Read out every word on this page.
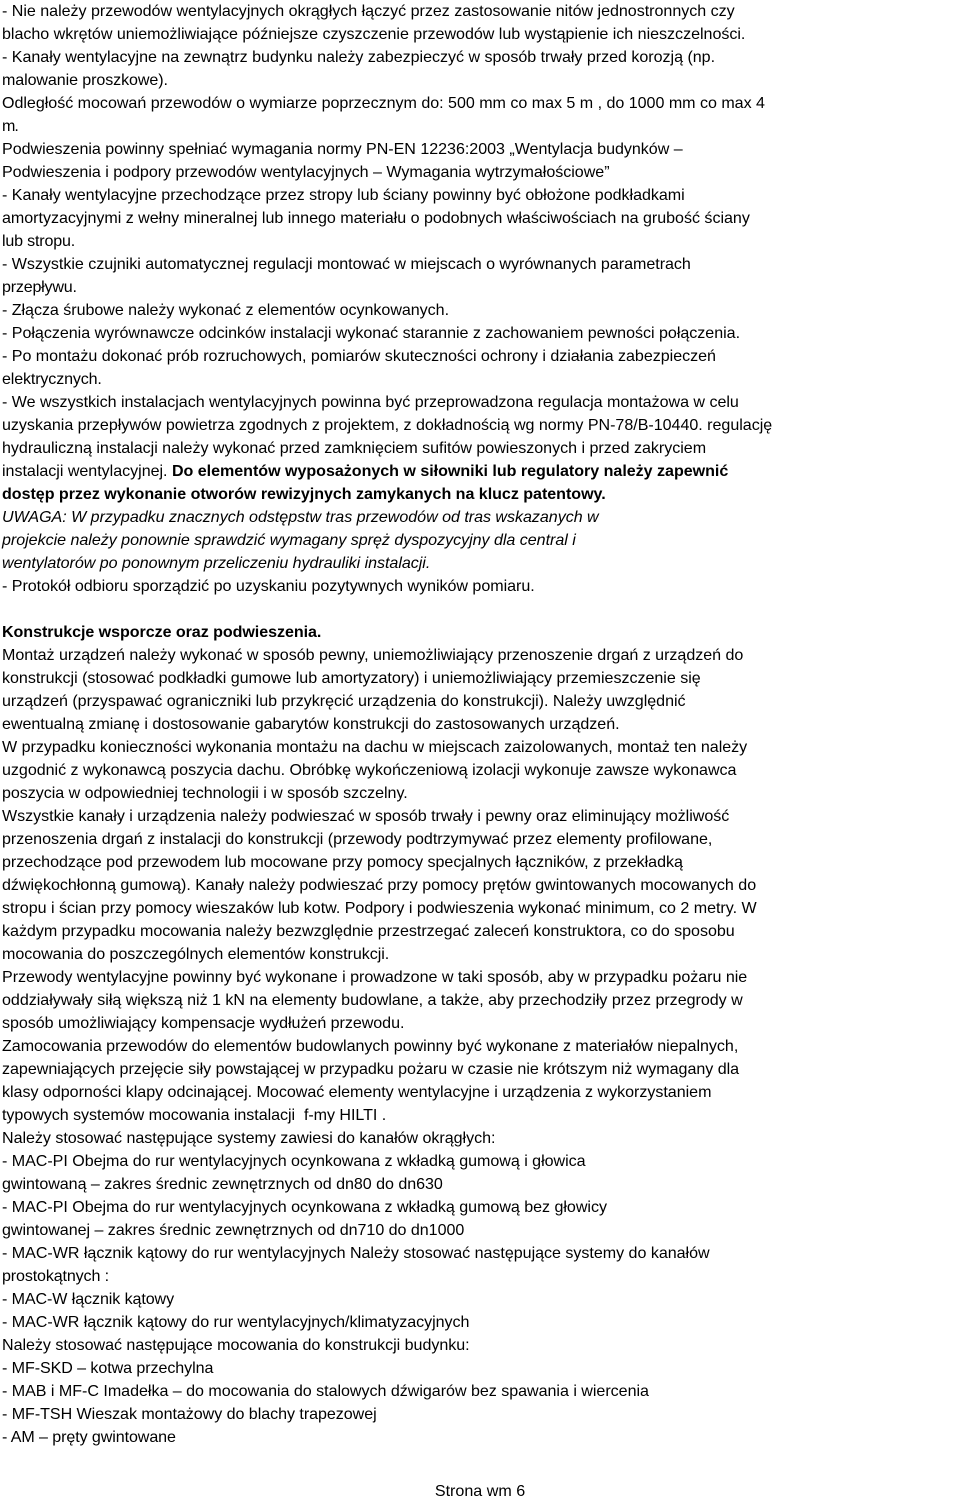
- Nie należy przewodów wentylacyjnych okrągłych łączyć przez zastosowanie nitów jednostronnych czy
blacho wkrętów uniemożliwiające późniejsze czyszczenie przewodów lub wystąpienie ich nieszczelności.
- Kanały wentylacyjne na zewnątrz budynku należy zabezpieczyć w sposób trwały przed korozją (np.
malowanie proszkowe).
Odległość mocowań przewodów o wymiarze poprzecznym do: 500 mm co max 5 m , do 1000 mm co max 4
m.
Podwieszenia powinny spełniać wymagania normy PN-EN 12236:2003 „Wentylacja budynków –
Podwieszenia i podpory przewodów wentylacyjnych – Wymagania wytrzymałościowe”
- Kanały wentylacyjne przechodzące przez stropy lub ściany powinny być obłożone podkładkami
amortyzacyjnymi z wełny mineralnej lub innego materiału o podobnych właściwościach na grubość ściany
lub stropu.
- Wszystkie czujniki automatycznej regulacji montować w miejscach o wyrównanych parametrach
przepływu.
- Złącza śrubowe należy wykonać z elementów ocynkowanych.
- Połączenia wyrównawcze odcinków instalacji wykonać starannie z zachowaniem pewności połączenia.
- Po montażu dokonać prób rozruchowych, pomiarów skuteczności ochrony i działania zabezpieczeń
elektrycznych.
- We wszystkich instalacjach wentylacyjnych powinna być przeprowadzona regulacja montażowa w celu
uzyskania przepływów powietrza zgodnych z projektem, z dokładnością wg normy PN-78/B-10440. regulację
hydrauliczną instalacji należy wykonać przed zamknięciem sufitów powieszonych i przed zakryciem
instalacji wentylacyjnej. Do elementów wyposażonych w siłowniki lub regulatory należy zapewnić
dostęp przez wykonanie otworów rewizyjnych zamykanych na klucz patentowy.
UWAGA: W przypadku znacznych odstępstw tras przewodów od tras wskazanych w
projekcie należy ponownie sprawdzić wymagany spręż dyspozycyjny dla central i
wentylatorów po ponownym przeliczeniu hydrauliki instalacji.
- Protokół odbioru sporządzić po uzyskaniu pozytywnych wyników pomiaru.
Konstrukcje wsporcze oraz podwieszenia.
Montaż urządzeń należy wykonać w sposób pewny, uniemożliwiający przenoszenie drgań z urządzeń do
konstrukcji (stosować podkładki gumowe lub amortyzatory) i uniemożliwiający przemieszczenie się
urządzeń (przyspawać ograniczniki lub przykręcić urządzenia do konstrukcji). Należy uwzględnić
ewentualną zmianę i dostosowanie gabarytów konstrukcji do zastosowanych urządzeń.
W przypadku konieczności wykonania montażu na dachu w miejscach zaizolowanych, montaż ten należy
uzgodnić z wykonawcą poszycia dachu. Obróbkę wykończeniową izolacji wykonuje zawsze wykonawca
poszycia w odpowiedniej technologii i w sposób szczelny.
Wszystkie kanały i urządzenia należy podwieszać w sposób trwały i pewny oraz eliminujący możliwość
przenoszenia drgań z instalacji do konstrukcji (przewody podtrzymywać przez elementy profilowane,
przechodzące pod przewodem lub mocowane przy pomocy specjalnych łączników, z przekładką
dźwiękochłonną gumową). Kanały należy podwieszać przy pomocy prętów gwintowanych mocowanych do
stropu i ścian przy pomocy wieszaków lub kotw. Podpory i podwieszenia wykonać minimum, co 2 metry. W
każdym przypadku mocowania należy bezwzględnie przestrzegać zaleceń konstruktora, co do sposobu
mocowania do poszczególnych elementów konstrukcji.
Przewody wentylacyjne powinny być wykonane i prowadzone w taki sposób, aby w przypadku pożaru nie
oddziaływały siłą większą niż 1 kN na elementy budowlane, a także, aby przechodziły przez przegrody w
sposób umożliwiający kompensacje wydłużeń przewodu.
Zamocowania przewodów do elementów budowlanych powinny być wykonane z materiałów niepalnych,
zapewniających przejęcie siły powstającej w przypadku pożaru w czasie nie krótszym niż wymagany dla
klasy odporności klapy odcinającej. Mocować elementy wentylacyjne i urządzenia z wykorzystaniem
typowych systemów mocowania instalacji  f-my HILTI .
Należy stosować następujące systemy zawiesi do kanałów okrągłych:
- MAC-PI Obejma do rur wentylacyjnych ocynkowana z wkładką gumową i głowica
gwintowaną – zakres średnic zewnętrznych od dn80 do dn630
- MAC-PI Obejma do rur wentylacyjnych ocynkowana z wkładką gumową bez głowicy
gwintowanej – zakres średnic zewnętrznych od dn710 do dn1000
- MAC-WR łącznik kątowy do rur wentylacyjnych Należy stosować następujące systemy do kanałów
prostokątnych :
- MAC-W łącznik kątowy
- MAC-WR łącznik kątowy do rur wentylacyjnych/klimatyzacyjnych
Należy stosować następujące mocowania do konstrukcji budynku:
- MF-SKD – kotwa przechylna
- MAB i MF-C Imadełka – do mocowania do stalowych dźwigarów bez spawania i wiercenia
- MF-TSH Wieszak montażowy do blachy trapezowej
- AM – pręty gwintowane
Strona wm 6
